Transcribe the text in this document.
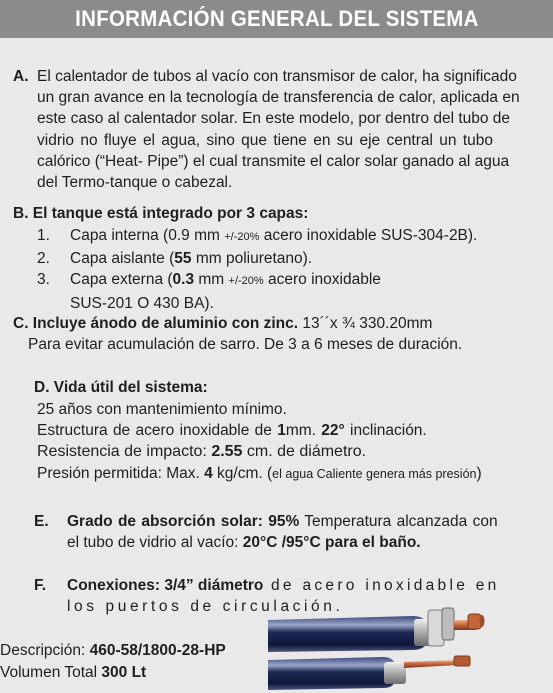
INFORMACIÓN GENERAL DEL SISTEMA
A. El calentador de tubos al vacío con transmisor de calor, ha significado
un gran avance en la tecnología de transferencia de calor, aplicada en
este caso al calentador solar. En este modelo, por dentro del tubo de
vidrio no fluye el agua, sino que tiene en su eje central un tubo
calórico (“Heat- Pipe”) el cual transmite el calor solar ganado al agua
del Termo-tanque o cabezal.
B. El tanque está integrado por 3 capas:
1. Capa interna (0.9 mm +/-20% acero inoxidable SUS-304-2B).
2. Capa aislante (55 mm poliuretano).
3. Capa externa (0.3 mm +/-20% acero inoxidable
SUS-201 O 430 BA).
C. Incluye ánodo de aluminio con zinc. 13´´x ¾ 330.20mm
Para evitar acumulación de sarro. De 3 a 6 meses de duración.
D. Vida útil del sistema:
25 años con mantenimiento mínimo.
Estructura de acero inoxidable de 1mm. 22° inclinación.
Resistencia de impacto: 2.55 cm. de diámetro.
Presión permitida: Max. 4 kg/cm. (el agua Caliente genera más presión)
E. Grado de absorción solar: 95% Temperatura alcanzada con
el tubo de vidrio al vacío: 20°C /95°C para el baño.
F. Conexiones: 3/4” diámetro de acero inoxidable en
los puertos de circulación.
Descripción: 460-58/1800-28-HP
Volumen Total 300 Lt
